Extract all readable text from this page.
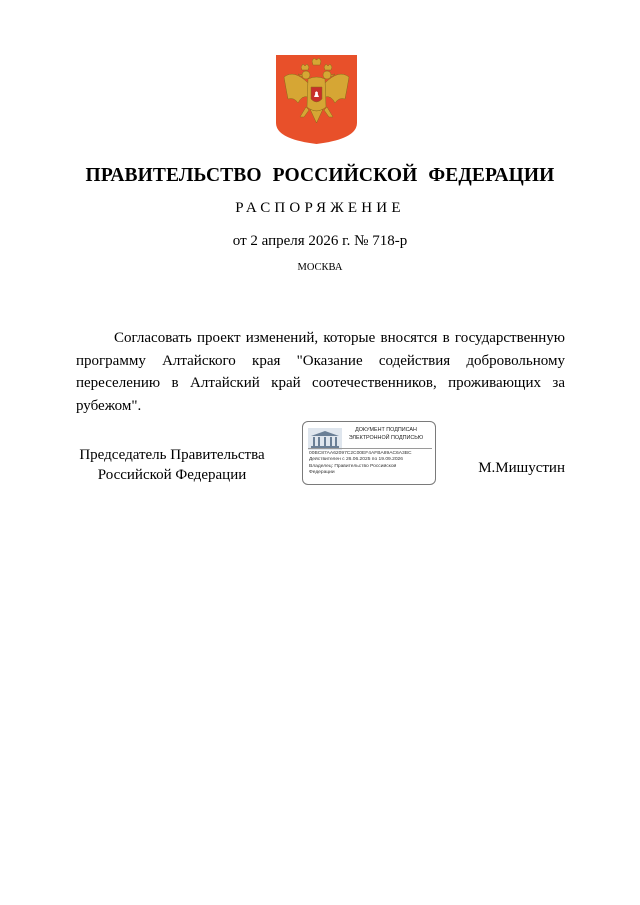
ПРАВИТЕЛЬСТВО РОССИЙСКОЙ ФЕДЕРАЦИИ
РАСПОРЯЖЕНИЕ
от 2 апреля 2026 г. № 718-р
МОСКВА

Согласовать проект изменений, которые вносятся в государственную программу Алтайского края "Оказание содействия добровольному переселению в Алтайский край соотечественников, проживающих за рубежом".

Председатель Правительства
Российской Федерации
ДОКУМЕНТ ПОДПИСАН
ЭЛЕКТРОННОЙ ПОДПИСЬЮ
00BC87AA62097C2C00EF4AFBA89AC6A3BC
Действителен с 26.06.2025 по 19.09.2026
Владелец: Правительство Российской
Федерации	М.Мишустин
